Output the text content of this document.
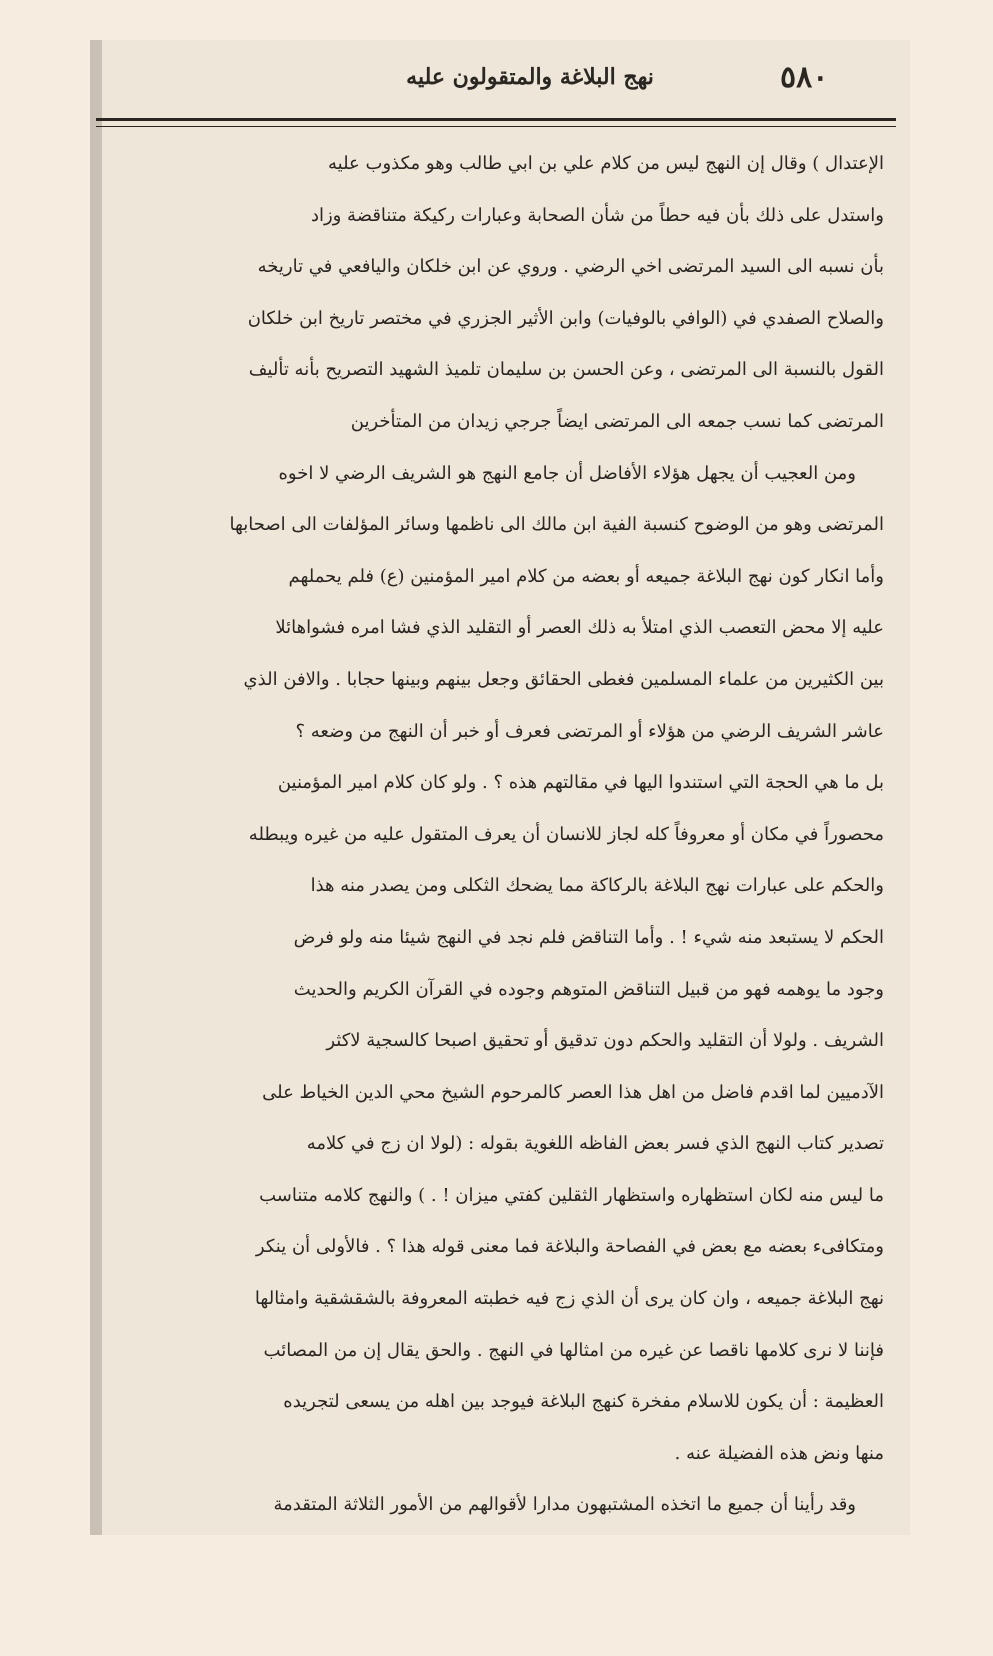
٥٨٠
نهج البلاغة والمتقولون عليه
الإعتدال ) وقال إن النهج ليس من كلام علي بن ابي طالب وهو مكذوب عليه
واستدل على ذلك بأن فيه حطاً من شأن الصحابة وعبارات ركيكة متناقضة وزاد
بأن نسبه الى السيد المرتضى اخي الرضي . وروي عن ابن خلكان واليافعي في تاريخه
والصلاح الصفدي في (الوافي بالوفيات) وابن الأثير الجزري في مختصر تاريخ ابن خلكان
القول بالنسبة الى المرتضى ، وعن الحسن بن سليمان تلميذ الشهيد التصريح بأنه تأليف
المرتضى كما نسب جمعه الى المرتضى ايضاً جرجي زيدان من المتأخرين
ومن العجيب أن يجهل هؤلاء الأفاضل أن جامع النهج هو الشريف الرضي لا اخوه
المرتضى وهو من الوضوح كنسبة الفية ابن مالك الى ناظمها وسائر المؤلفات الى اصحابها
وأما انكار كون نهج البلاغة جميعه أو بعضه من كلام امير المؤمنين (ع) فلم يحملهم
عليه إلا محض التعصب الذي امتلأ به ذلك العصر أو التقليد الذي فشا امره فشواهائلا
بين الكثيرين من علماء المسلمين فغطى الحقائق وجعل بينهم وبينها حجابا . والافن الذي
عاشر الشريف الرضي من هؤلاء أو المرتضى فعرف أو خبر أن النهج من وضعه ؟
بل ما هي الحجة التي استندوا اليها في مقالتهم هذه ؟ . ولو كان كلام امير المؤمنين
محصوراً في مكان أو معروفاً كله لجاز للانسان أن يعرف المتقول عليه من غيره ويبطله
والحكم على عبارات نهج البلاغة بالركاكة مما يضحك الثكلى ومن يصدر منه هذا
الحكم لا يستبعد منه شيء ! . وأما التناقض فلم نجد في النهج شيئا منه ولو فرض
وجود ما يوهمه فهو من قبيل التناقض المتوهم وجوده في القرآن الكريم والحديث
الشريف . ولولا أن التقليد والحكم دون تدقيق أو تحقيق اصبحا كالسجية لاكثر
الآدميين لما اقدم فاضل من اهل هذا العصر كالمرحوم الشيخ محي الدين الخياط على
تصدير كتاب النهج الذي فسر بعض الفاظه اللغوية بقوله : (لولا ان زج في كلامه
ما ليس منه لكان استظهاره واستظهار الثقلين كفتي ميزان ! . ) والنهج كلامه متناسب
ومتكافىء بعضه مع بعض في الفصاحة والبلاغة فما معنى قوله هذا ؟ . فالأولى أن ينكر
نهج البلاغة جميعه ، وان كان يرى أن الذي زج فيه خطبته المعروفة بالشقشقية وامثالها
فإننا لا نرى كلامها ناقصا عن غيره من امثالها في النهج . والحق يقال إن من المصائب
العظيمة : أن يكون للاسلام مفخرة كنهج البلاغة فيوجد بين اهله من يسعى لتجريده
منها ونض هذه الفضيلة عنه .
وقد رأينا أن جميع ما اتخذه المشتبهون مدارا لأقوالهم من الأمور الثلاثة المتقدمة
